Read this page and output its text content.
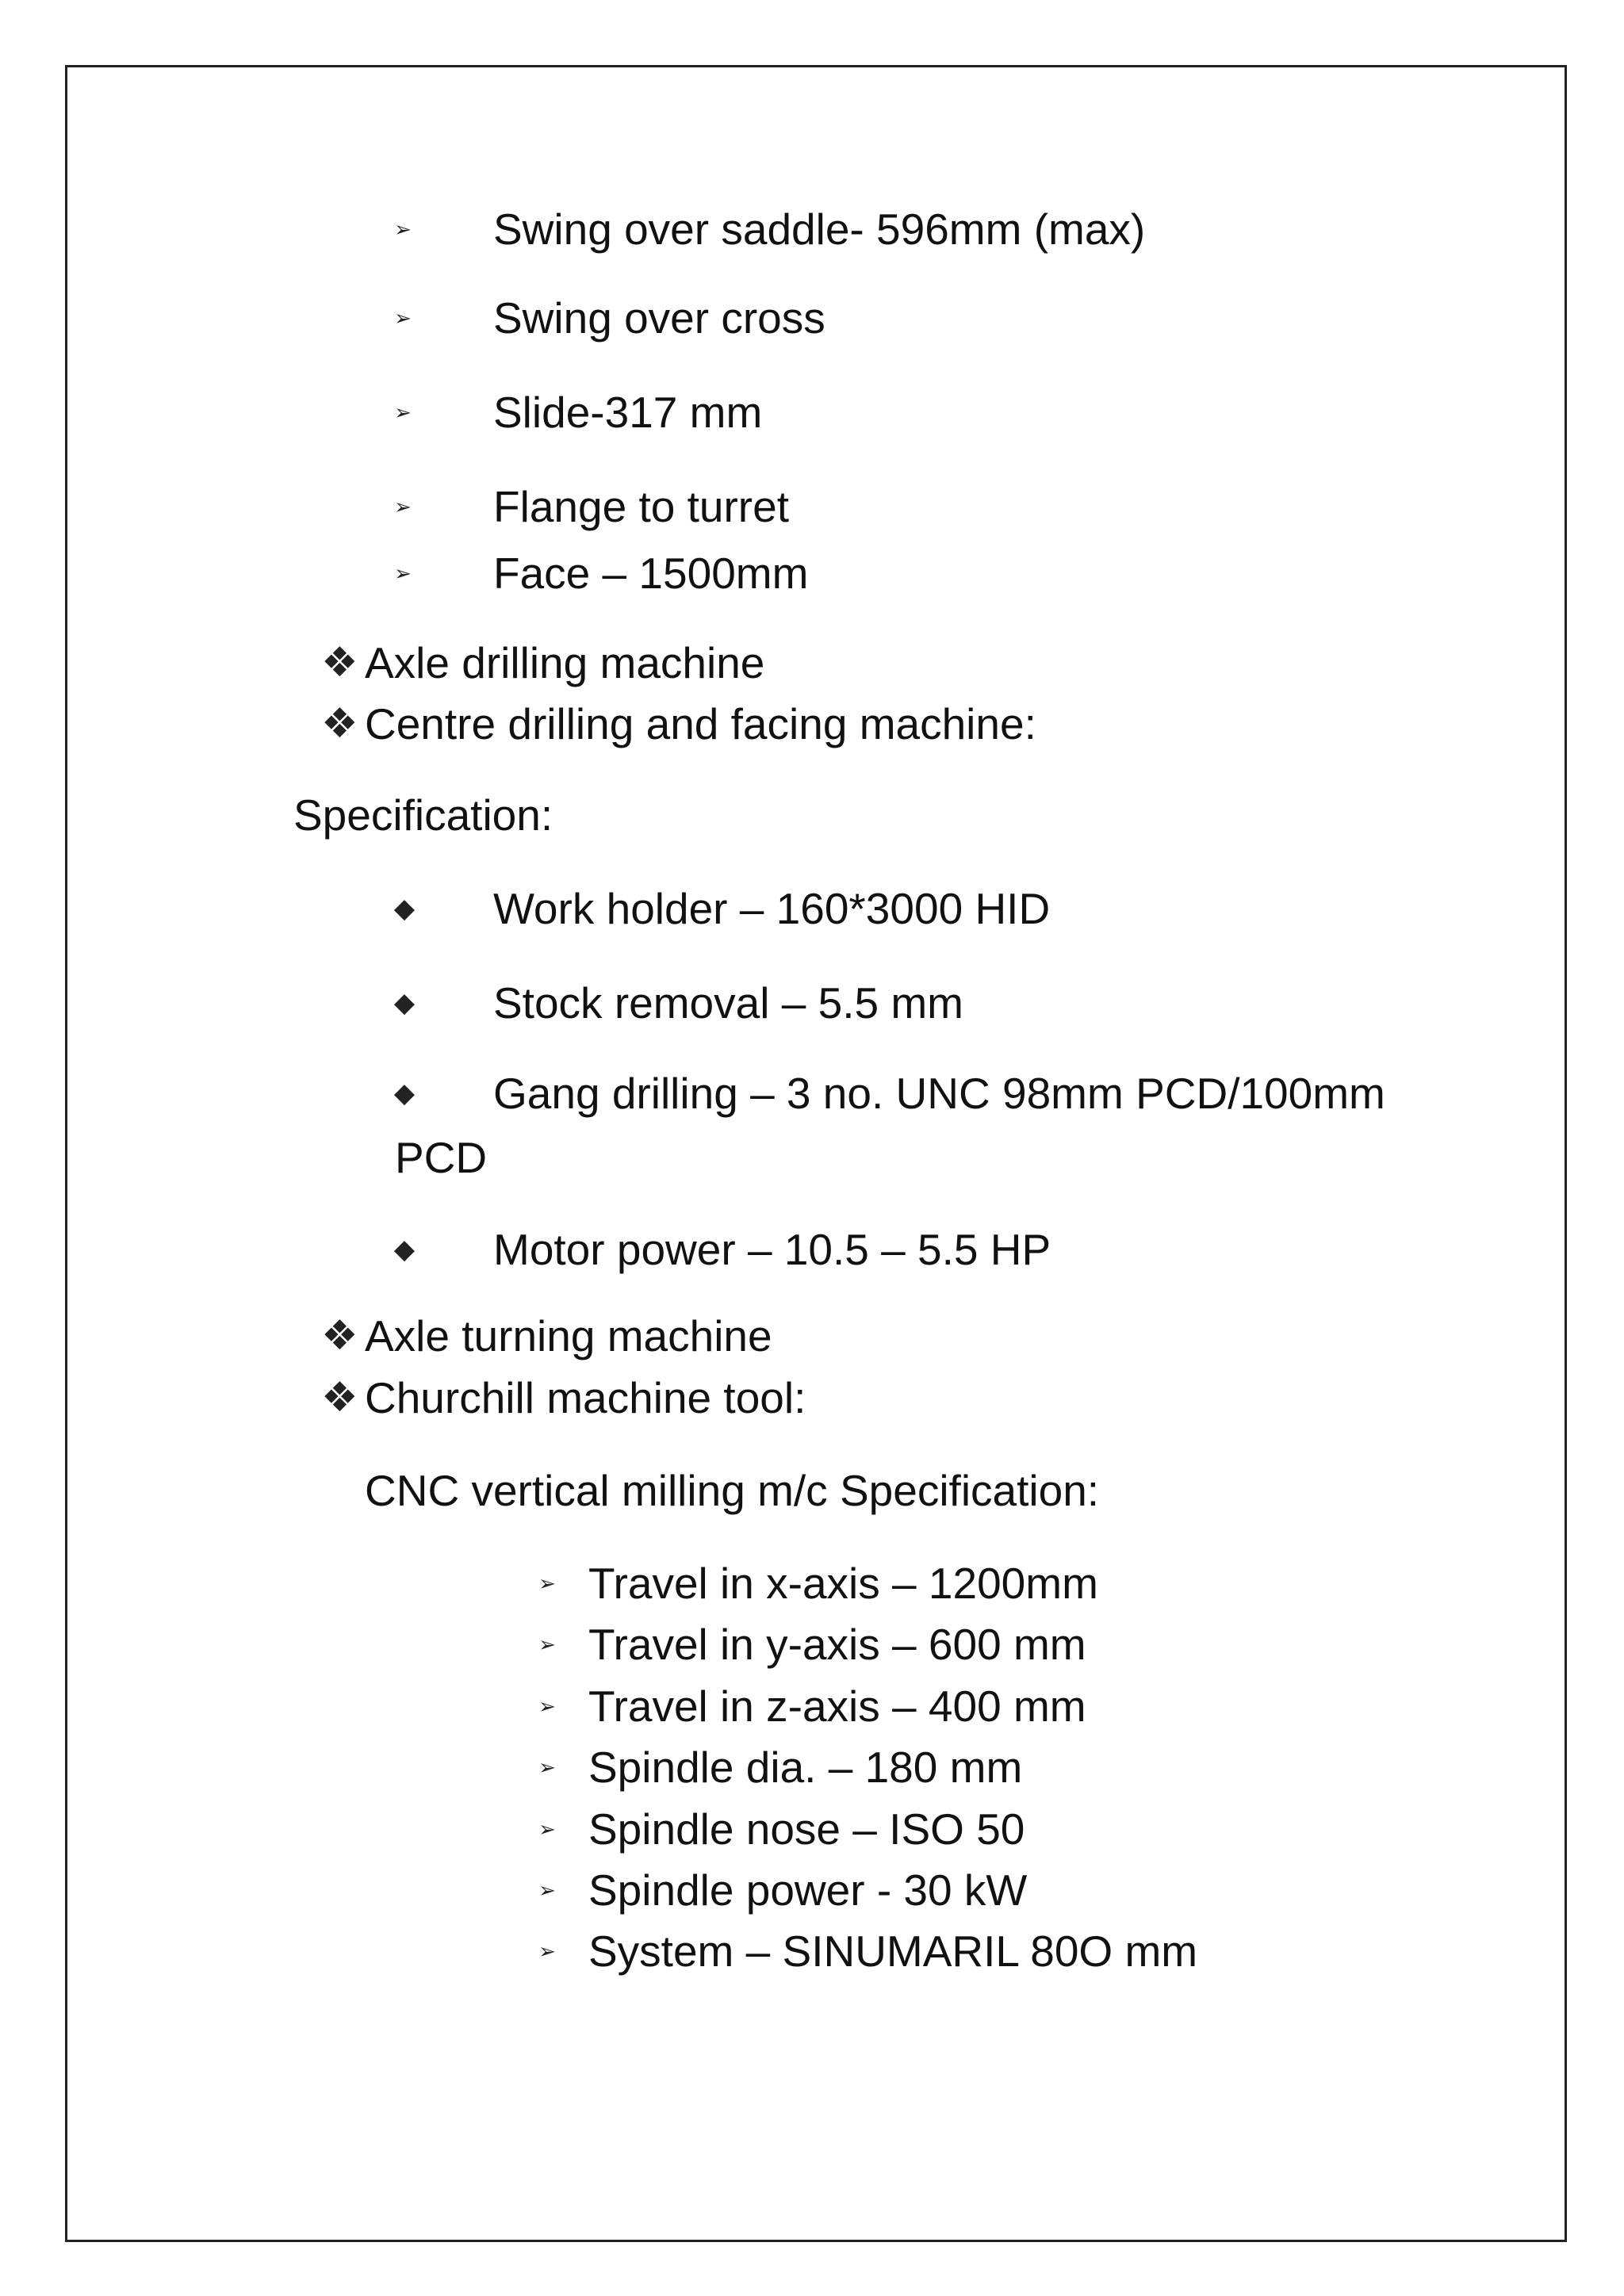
➢ Swing over saddle- 596mm (max)
➢ Swing over cross
➢ Slide-317 mm
➢ Flange to turret
➢ Face – 1500mm
❖ Axle drilling machine
❖ Centre drilling and facing machine:
Specification:
◆ Work holder – 160*3000 HID
◆ Stock removal – 5.5 mm
◆ Gang drilling – 3 no. UNC 98mm PCD/100mm
PCD
◆ Motor power – 10.5 – 5.5 HP
❖ Axle turning machine
❖ Churchill machine tool:
CNC vertical milling m/c Specification:
➢ Travel in x-axis – 1200mm
➢ Travel in y-axis – 600 mm
➢ Travel in z-axis – 400 mm
➢ Spindle dia. – 180 mm
➢ Spindle nose – ISO 50
➢ Spindle power - 30 kW
➢ System – SINUMARIL 80O mm
